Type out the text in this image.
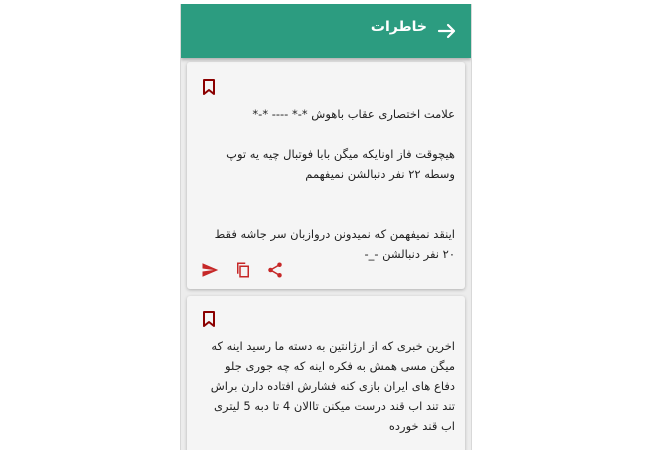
خاطرات
علامت اختصاری عقاب باهوش *-* ---- *-*

هیچوقت فاز اونایکه میگن بابا فوتبال چیه یه توپ وسطه ۲۲ نفر دنبالشن نمیفهمم

اینقد نمیفهمن که نمیدونن دروازبان سر جاشه فقط ۲۰ نفر دنبالشن -_-
اخرین خبری که از ارژانتین به دسته ما رسید اینه که میگن مسی همش به فکره اینه که چه جوری جلو دفاع های ایران بازی کنه فشارش افتاده دارن براش تند تند اب قند درست میکنن تاالان 4 تا دبه 5 لیتری اب قند خورده
